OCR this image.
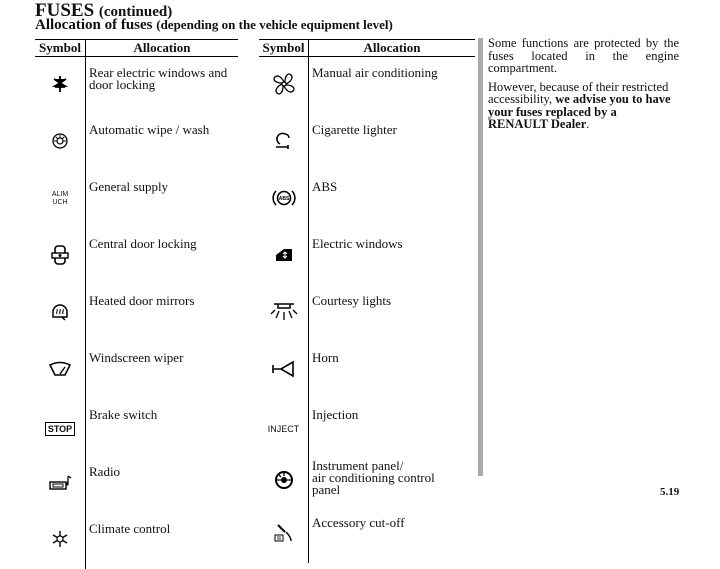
FUSES (continued)
Allocation of fuses (depending on the vehicle equipment level)
Symbol	Allocation
	Rear electric windows and door locking
	Automatic wipe / wash
ALIM
UCH	General supply
	Central door locking
	Heated door mirrors
	Windscreen wiper
STOP	Brake switch
	Radio
	Climate control
Symbol	Allocation
	Manual air conditioning
	Cigarette lighter

ABS	ABS
	Electric windows
	Courtesy lights
	Horn
INJECT	Injection
	Instrument panel/
air conditioning control
panel
	Accessory cut-off

Some functions are protected by the fuses located in the engine compartment.

However, because of their restricted accessibility, we advise you to have your fuses replaced by a RENAULT Dealer.

5.19
